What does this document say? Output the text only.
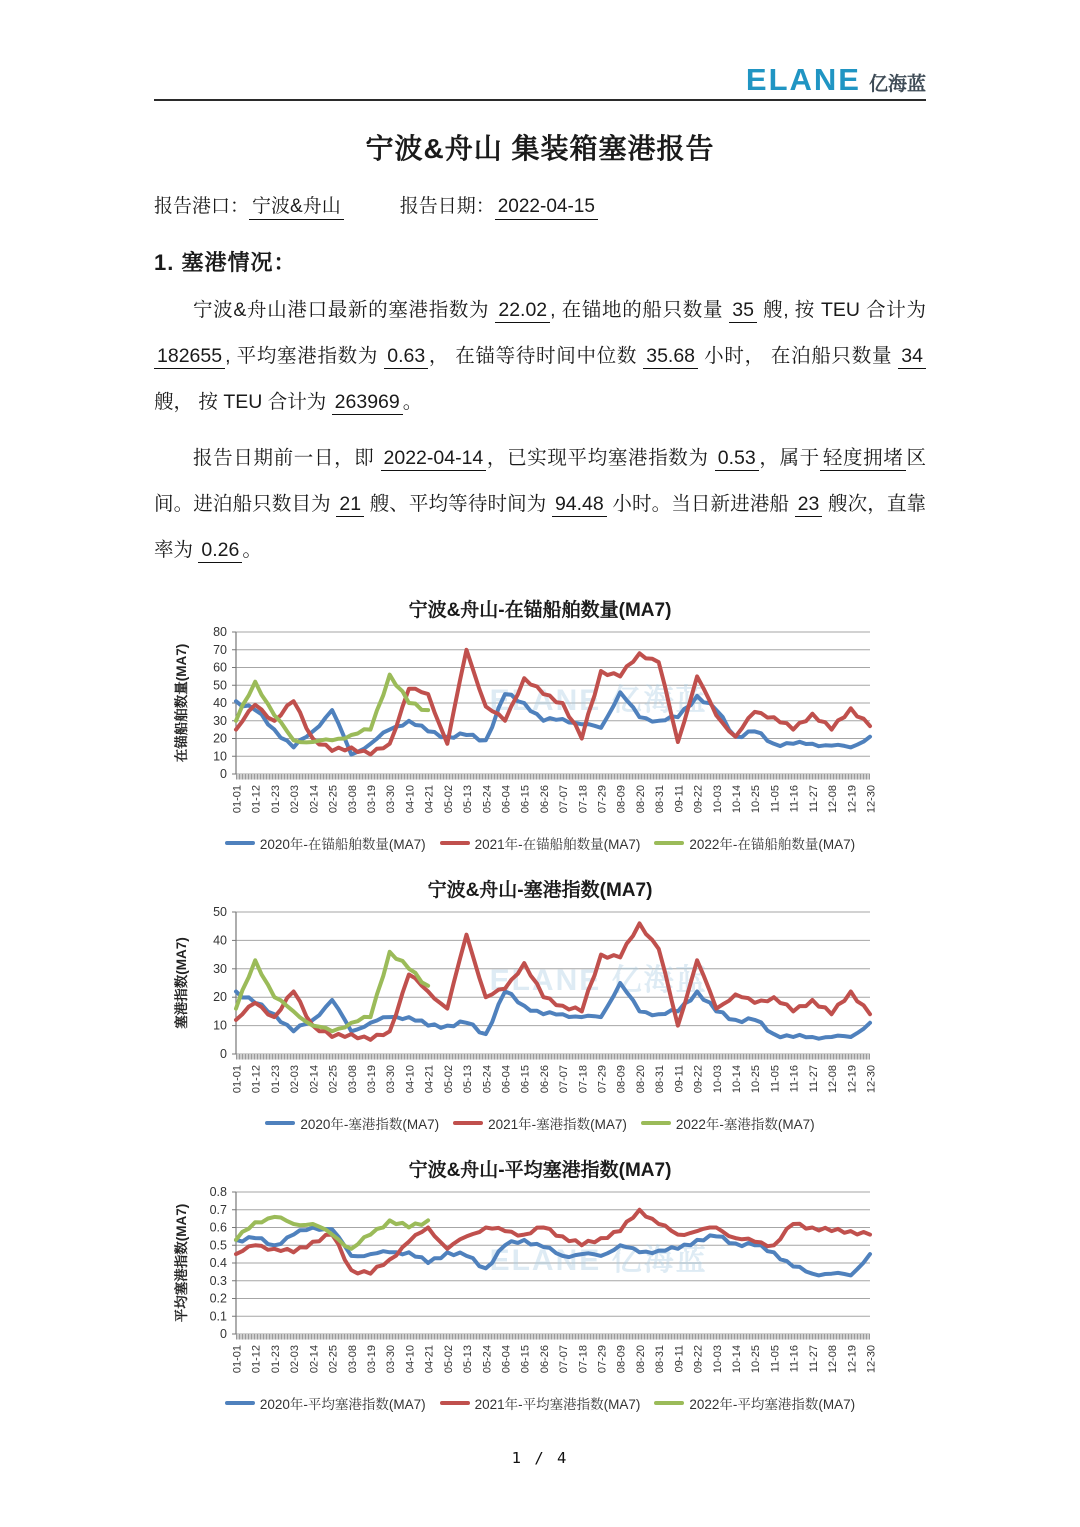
ELANE 亿海蓝
宁波&舟山 集装箱塞港报告
报告港口： 宁波&舟山	报告日期： 2022-04-15
1. 塞港情况：
宁波&舟山港口最新的塞港指数为 22.02 , 在锚地的船只数量 35 艘, 按 TEU 合计为 182655 , 平均塞港指数为 0.63 ， 在锚等待时间中位数 35.68 小时， 在泊船只数量 34 艘， 按 TEU 合计为 263969 。
报告日期前一日，即 2022-04-14 ，已实现平均塞港指数为 0.53 ，属于 轻度拥堵 区间。进泊船只数目为 21 艘、平均等待时间为 94.48 小时。当日新进港船 23 艘次，直靠率为 0.26 。
宁波&舟山-在锚船舶数量(MA7)
0
10
20
30
40
50
60
70
80
ELANE 亿海蓝
01-01 01-12 01-23 02-03 02-14 02-25 03-08 03-19 03-30 04-10 04-21 05-02 05-13 05-24 06-04 06-15 06-26 07-07 07-18 07-29 08-09 08-20 08-31 09-11 09-22 10-03 10-14 10-25 11-05 11-16 11-27 12-08 12-19 12-30
在锚船舶数量(MA7)
2020年-在锚船舶数量(MA7)	2021年-在锚船舶数量(MA7)	2022年-在锚船舶数量(MA7)
宁波&舟山-塞港指数(MA7)
0
10
20
30
40
50
ELANE 亿海蓝
01-01 01-12 01-23 02-03 02-14 02-25 03-08 03-19 03-30 04-10 04-21 05-02 05-13 05-24 06-04 06-15 06-26 07-07 07-18 07-29 08-09 08-20 08-31 09-11 09-22 10-03 10-14 10-25 11-05 11-16 11-27 12-08 12-19 12-30
塞港指数(MA7)
2020年-塞港指数(MA7)	2021年-塞港指数(MA7)	2022年-塞港指数(MA7)
宁波&舟山-平均塞港指数(MA7)
0
0.1
0.2
0.3
0.4
0.5
0.6
0.7
0.8
ELANE 亿海蓝
01-01 01-12 01-23 02-03 02-14 02-25 03-08 03-19 03-30 04-10 04-21 05-02 05-13 05-24 06-04 06-15 06-26 07-07 07-18 07-29 08-09 08-20 08-31 09-11 09-22 10-03 10-14 10-25 11-05 11-16 11-27 12-08 12-19 12-30
平均塞港指数(MA7)
2020年-平均塞港指数(MA7)	2021年-平均塞港指数(MA7)	2022年-平均塞港指数(MA7)
1 / 4
